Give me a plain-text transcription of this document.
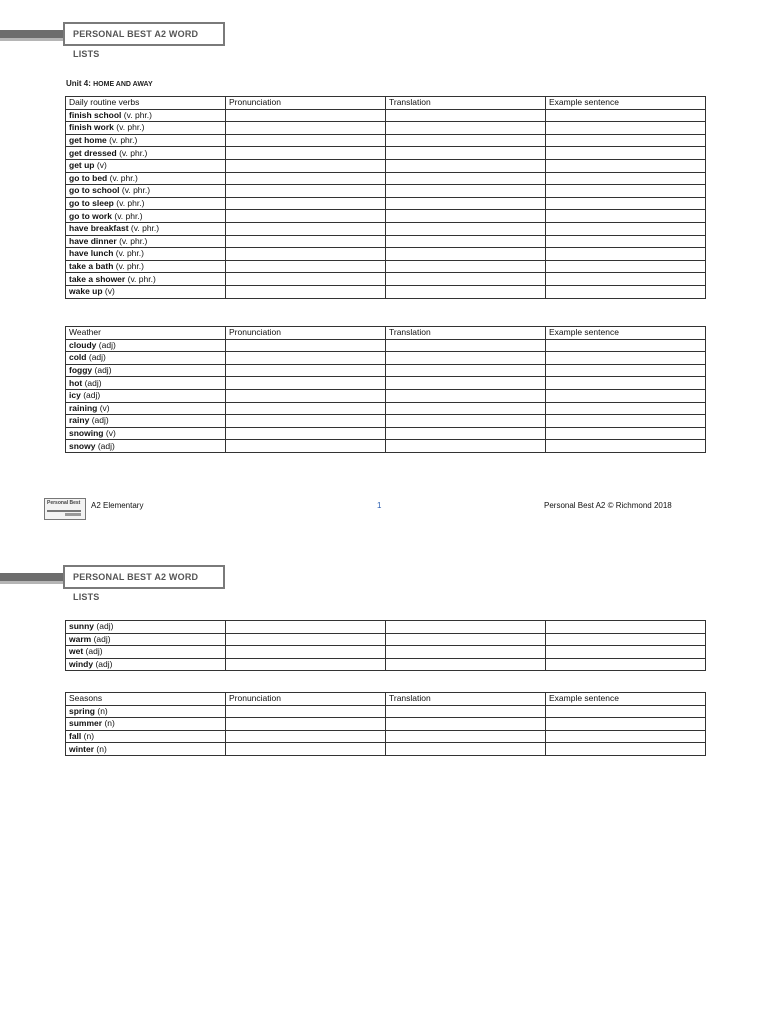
PERSONAL BEST A2 WORD LISTS
Unit 4: HOME AND AWAY
Daily routine verbs	Pronunciation	Translation	Example sentence
finish school (v. phr.)			
finish work (v. phr.)			
get home (v. phr.)			
get dressed (v. phr.)			
get up (v)			
go to bed (v. phr.)			
go to school (v. phr.)			
go to sleep (v. phr.)			
go to work (v. phr.)			
have breakfast (v. phr.)			
have dinner (v. phr.)			
have lunch (v. phr.)			
take a bath (v. phr.)			
take a shower (v. phr.)			
wake up (v)			
Weather	Pronunciation	Translation	Example sentence
cloudy (adj)			
cold (adj)			
foggy (adj)			
hot (adj)			
icy (adj)			
raining (v)			
rainy (adj)			
snowing (v)			
snowy (adj)			
Personal Best A2 Elementary	1	Personal Best A2 © Richmond 2018
PERSONAL BEST A2 WORD LISTS
sunny (adj)			
warm (adj)			
wet (adj)			
windy (adj)			
Seasons	Pronunciation	Translation	Example sentence
spring (n)			
summer (n)			
fall (n)			
winter (n)			
